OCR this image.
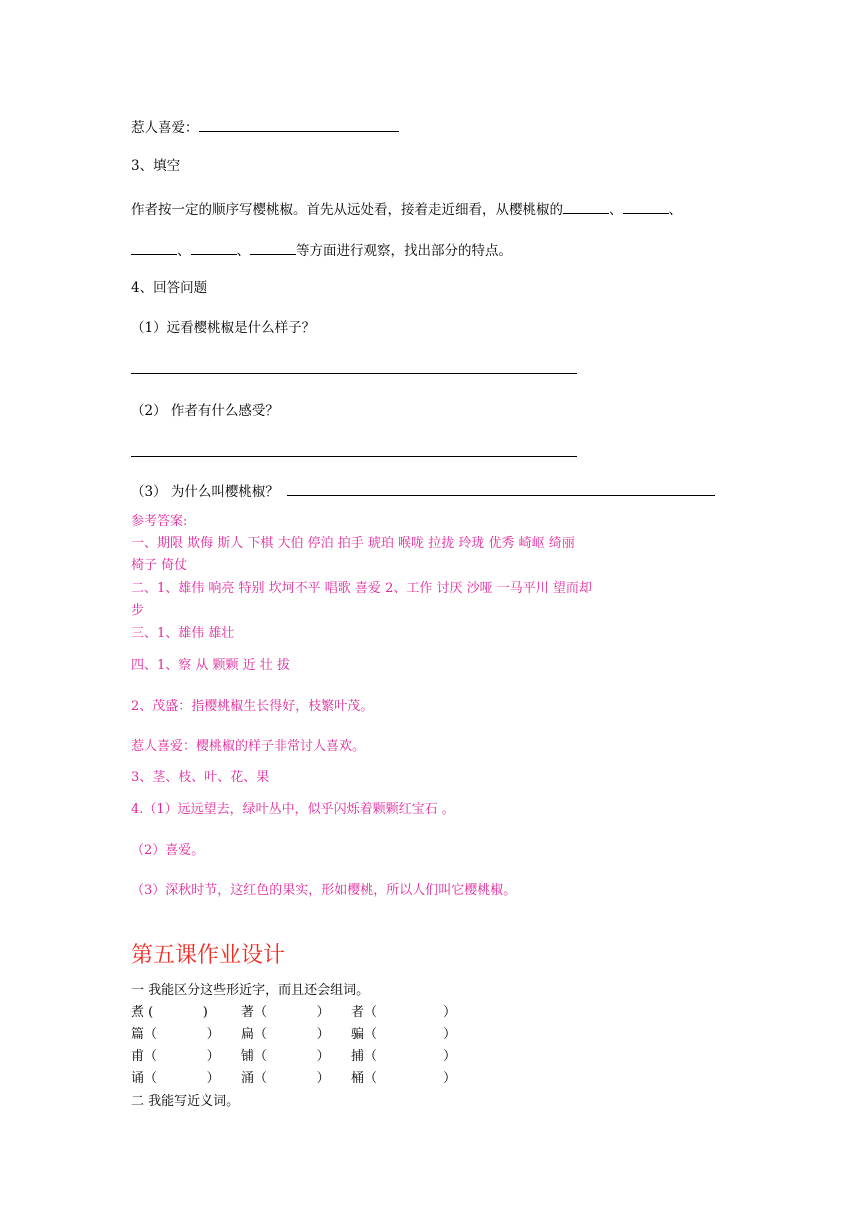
惹人喜爱：
3、填空
作者按一定的顺序写樱桃椒。首先从远处看，接着走近细看，从樱桃椒的	、	、
、	、	等方面进行观察，找出部分的特点。
4、回答问题
（1）远看樱桃椒是什么样子？
（2） 作者有什么感受？
（3） 为什么叫樱桃椒？
参考答案:
一、期限 欺侮 斯人 下棋 大伯 停泊 拍手 琥珀 喉咙 拉拢 玲珑 优秀 崎岖 绮丽
椅子 倚仗
二、1、雄伟 响亮 特别 坎坷不平 唱歌 喜爱 2、工作 讨厌 沙哑 一马平川 望而却
步
三、1、雄伟 雄壮
四、1、察 从 颗颗 近 壮 拔
2、茂盛：指樱桃椒生长得好，枝繁叶茂。
惹人喜爱：樱桃椒的样子非常讨人喜欢。
3、茎、枝、叶、花、果
4.（1）远远望去，绿叶丛中，似乎闪烁着颗颗红宝石 。
（2）喜爱。
（3）深秋时节，这红色的果实，形如樱桃，所以人们叫它樱桃椒。
第五课作业设计
一 我能区分这些形近字，而且还会组词。
煮 (            )	著（            ） 者（                ）
篇（            ） 扁（            ） 骗（                ）
甫（            ） 铺（            ） 捕（                ）
诵（            ） 涌（            ） 桶（                ）
二 我能写近义词。
